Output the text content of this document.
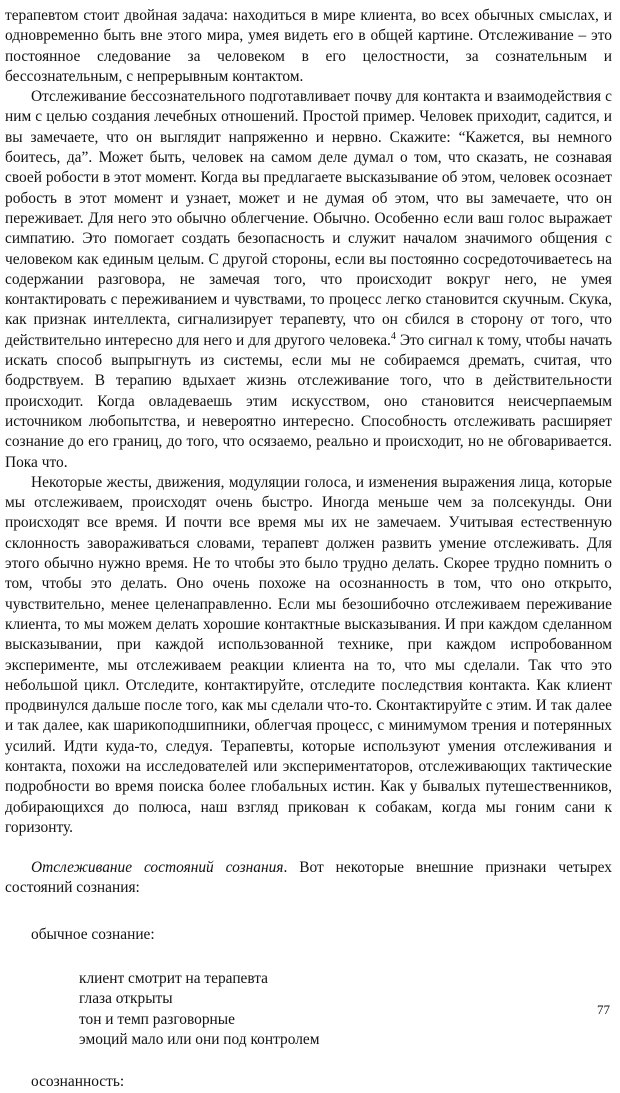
терапевтом стоит двойная задача: находиться в мире клиента, во всех обычных смыслах, и одновременно быть вне этого мира, умея видеть его в общей картине. Отслеживание – это постоянное следование за человеком в его целостности, за сознательным и бессознательным, с непрерывным контактом.

Отслеживание бессознательного подготавливает почву для контакта и взаимодействия с ним с целью создания лечебных отношений. Простой пример. Человек приходит, садится, и вы замечаете, что он выглядит напряженно и нервно. Скажите: “Кажется, вы немного боитесь, да”. Может быть, человек на самом деле думал о том, что сказать, не сознавая своей робости в этот момент. Когда вы предлагаете высказывание об этом, человек осознает робость в этот момент и узнает, может и не думая об этом, что вы замечаете, что он переживает. Для него это обычно облегчение. Обычно. Особенно если ваш голос выражает симпатию. Это помогает создать безопасность и служит началом значимого общения с человеком как единым целым. С другой стороны, если вы постоянно сосредоточиваетесь на содержании разговора, не замечая того, что происходит вокруг него, не умея контактировать с переживанием и чувствами, то процесс легко становится скучным. Скука, как признак интеллекта, сигнализирует терапевту, что он сбился в сторону от того, что действительно интересно для него и для другого человека.$^4$ Это сигнал к тому, чтобы начать искать способ выпрыгнуть из системы, если мы не собираемся дремать, считая, что бодрствуем. В терапию вдыхает жизнь отслеживание того, что в действительности происходит. Когда овладеваешь этим искусством, оно становится неисчерпаемым источником любопытства, и невероятно интересно. Способность отслеживать расширяет сознание до его границ, до того, что осязаемо, реально и происходит, но не обговаривается. Пока что.

Некоторые жесты, движения, модуляции голоса, и изменения выражения лица, которые мы отслеживаем, происходят очень быстро. Иногда меньше чем за полсекунды. Они происходят все время. И почти все время мы их не замечаем. Учитывая естественную склонность завораживаться словами, терапевт должен развить умение отслеживать. Для этого обычно нужно время. Не то чтобы это было трудно делать. Скорее трудно помнить о том, чтобы это делать. Оно очень похоже на осознанность в том, что оно открыто, чувствительно, менее целенаправленно. Если мы безошибочно отслеживаем переживание клиента, то мы можем делать хорошие контактные высказывания. И при каждом сделанном высказывании, при каждой использованной технике, при каждом испробованном эксперименте, мы отслеживаем реакции клиента на то, что мы сделали. Так что это небольшой цикл. Отследите, контактируйте, отследите последствия контакта. Как клиент продвинулся дальше после того, как мы сделали что-то. Сконтактируйте с этим. И так далее и так далее, как шарикоподшипники, облегчая процесс, с минимумом трения и потерянных усилий. Идти куда-то, следуя. Терапевты, которые используют умения отслеживания и контакта, похожи на исследователей или экспериментаторов, отслеживающих тактические подробности во время поиска более глобальных истин. Как у бывалых путешественников, добирающихся до полюса, наш взгляд прикован к собакам, когда мы гоним сани к горизонту.

Отслеживание состояний сознания. Вот некоторые внешние признаки четырех состояний сознания:

обычное сознание:
клиент смотрит на терапевта
глаза открыты
тон и темп разговорные
эмоций мало или они под контролем
осознанность:
77
